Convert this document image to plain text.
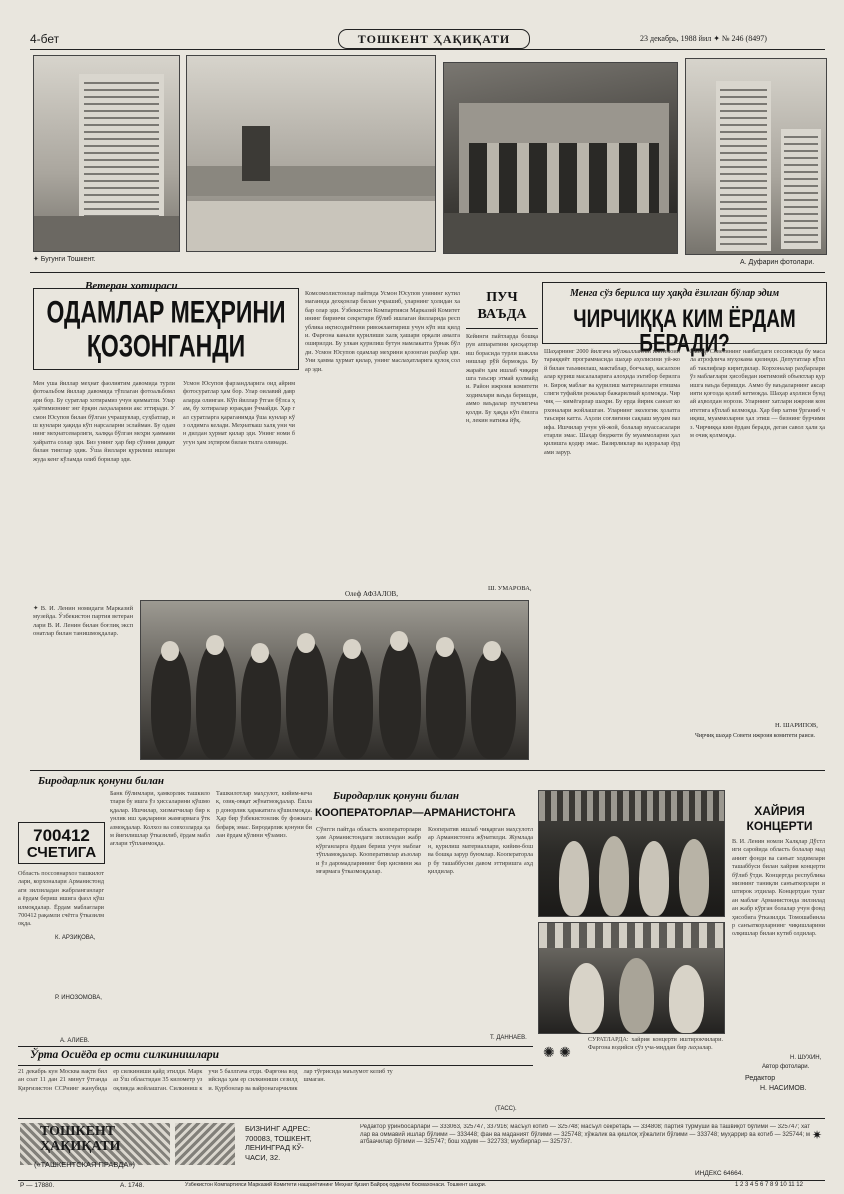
4-бет	ТОШКЕНТ ҲАҚИҚАТИ	23 декабрь, 1988 йил ✦ № 246 (8497)
✦ Бугунги Тошкент.	А. Дуфарин фотолари.
Ветеран хотираси
ОДАМЛАР МЕҲРИНИ
ҚОЗОНГАНДИ
Мен уша йиллар меҳнат фаолиятим давомида турли фотоальбом йиллар давомида тўплаган фотоальбомлари бор. Бу суратлар хотирамиз учун қимматли. Улар ҳаётимизнинг энг ёрқин лаҳзаларини акс эттиради. Усмон Юсупов билан бўлган учрашувлар, суҳбатлар, иш кунлари ҳақида кўп нарсаларни эслайман. Бу одамнинг меҳнатсеварлиги, халққа бўлган меҳри ҳаммани ҳайратга солар эди. Биз унинг ҳар бир сўзини диққат билан тинглар эдик. Ўша йиллари қурилиш ишлари жуда кенг кўламда олиб борилар эди.
Усмон Юсупов фарзандларига оид айрим фотосуратлар ҳам бор. Улар оилавий давраларда олинган. Кўп йиллар ўтган бўлса ҳам, бу хотиралар юракдан ўчмайди. Ҳар гал суратларга қараганимда ўша кунлар кўз олдимга келади. Меҳнаткаш халқ уни чин дилдан ҳурмат қилар эди. Унинг номи бугун ҳам эҳтиром билан тилга олинади.
Комсомолистонлар пайтида Усмон Юсупов узининг кутилмаганида дехқонлар билан учрашиб, уларнинг ҳолидан хабар олар эди. Ўзбекистон Компартияси Марказий Комитетининг биринчи секретари бўлиб ишлаган йилларида республика иқтисодиётини ривожлантириш учун кўп иш қилди. Фарғона канали қурилиши халқ ҳашари орқали амалга оширилди. Бу улкан қурилиш бутун мамлакатга ўрнак бўлди. Усмон Юсупов одамлар меҳрини қозонган раҳбар эди. Уни ҳамма ҳурмат қилар, унинг маслаҳатларига қулоқ солар эди.
Олеф АФЗАЛОВ,
✦ В. И. Ленин номидаги Марказий музейда. Ўзбекистон партия ветеранлари В. И. Ленин билан боғлиқ экспонатлар билан танишмоқдалар.
ПУЧ
ВАЪДА
Кейинги пайтларда бошқарув аппаратини қисқартириш борасида турли шаклланишлар рўй бермоқда. Бу жараён ҳам ишлаб чиқаришга таъсир этмай қолмайди. Район ижроия комитети ходимлари ваъда беришди, аммо ваъдалар пучлигича қолди. Бу ҳақда кўп ёзилган, лекин натижа йўқ.
Ш. УМАРОВА,
Менга сўз берилса шу ҳақда ёзилган бўлар эдим
ЧИРЧИҚҚА КИМ ЁРДАМ БЕРАДИ?
Шаҳарнинг 2000 йилгача мўлжалланган ижтимоий тараққиёт программасида шаҳар аҳолисини уй-жой билан таъминлаш, мактаблар, боғчалар, касалхоналар қуриш масалаларига алоҳида эътибор берилган. Бироқ маблағ ва қурилиш материаллари етишмаслиги туфайли режалар бажарилмай қолмоқда. Чирчиқ — кимёгарлар шаҳри. Бу ерда йирик саноат корхоналари жойлашган. Уларнинг экологик ҳолатга таъсири катта. Аҳоли соғлиғини сақлаш муҳим вазифа. Ишчилар учун уй-жой, болалар муассасалари етарли эмас. Шаҳар бюджети бу муаммоларни ҳал қилишга қодир эмас. Вазирликлар ва идоралар ёрдами зарур.
Шаҳар Советининг навбатдаги сессиясида бу масала атрофлича муҳокама қилинди. Депутатлар кўплаб таклифлар киритдилар. Корхоналар раҳбарлари ўз маблағлари ҳисобидан ижтимоий объектлар қуришга ваъда беришди. Аммо бу ваъдаларнинг аксарияти қоғозда қолиб кетмоқда. Шаҳар аҳолиси бундай аҳволдан норози. Уларнинг хатлари ижроия комитетига кўплаб келмоқда. Ҳар бир хатни ўрганиб чиқиш, муаммоларни ҳал этиш — бизнинг бурчимиз. Чирчиққа ким ёрдам беради, деган савол ҳали ҳам очиқ қолмоқда.
Н. ШАРИПОВ,
Чирчиқ шаҳар Совети ижроия комитети раиси.
Биродарлик қонуни билан
700412
СЧЕТИГА
Область поссовнархоз ташкилотлари, корхоналари Арманистондаги зилзиладан жабрланганларга ёрдам бериш ишига фаол қўшилмоқдалар. Ёрдам маблағлари 700412 рақамли счётга ўтказилмоқда.
К. АРЗИҚОВА,
Р. ИНОЗОМОВА,
А. АЛИЕВ.
Банк бўлимлари, ҳамкорлик ташкилотлари бу ишга ўз ҳиссаларини қўшмоқдалар. Ишчилар, хизматчилар бир кунлик иш ҳақларини жамғармага ўтказмоқдалар. Колхоз ва совхозларда ҳам йиғилишлар ўтказилиб, ёрдам маблағлари тўпланмоқда.
Ташкилотлар маҳсулот, кийим-кечак, озиқ-овқат жўнатмоқдалар. Ёшлар донорлик ҳаракатига қўшилмоқда. Ҳар бир ўзбекистонлик бу фожиага бефарқ эмас. Биродарлик қонуни билан ёрдам қўлини чўзамиз.
Биродарлик қонуни билан
КООПЕРАТОРЛАР—АРМАНИСТОНГА
Сўнгги пайтда область кооператорлари ҳам Арманистондаги зилзиладан жабр кўрганларга ёрдам бериш учун маблағ тўпламоқдалар. Кооперативлар аъзолари ўз даромадларининг бир қисмини жамғармага ўтказмоқдалар.
Кооператив ишлаб чиқарган маҳсулотлар Арманистонга жўнатилди. Жумладан, қурилиш материаллари, кийим-бош ва бошқа зарур буюмлар. Кооператорлар бу ташаббусни давом эттиришга аҳд қилдилар.
Т. ДАННАЕВ.
Ўрта Осиёда ер ости силкинишлари
21 декабрь кун Москва вақти билан соат 11 дан 21 минут ўтганда Қирғизистон ССРнинг жанубида ер силкиниши қайд этилди. Марказ Ўш областидан 35 километр узоқликда жойлашган. Силкиниш кучи 5 баллгача етди. Фарғона водийсида ҳам ер силкиниши сезилди. Қурбонлар ва вайронагарчиликлар тўғрисида маълумот келиб тушмаган.
(ТАСС).
ХАЙРИЯ
КОНЦЕРТИ
В. И. Ленин номли Халқлар Дўстлиги саройида область болалар маданият фонди ва санъат ходимлари ташаббуси билан хайрия концерти бўлиб ўтди. Концертда республикамизнинг таниқли санъаткорлари иштирок этдилар. Концертдан тушган маблағ Арманистонда зилзиладан жабр кўрган болалар учун фонд ҳисобига ўтказилди. Томошабинлар санъаткорларнинг чиқишларини олқишлар билан кутиб олдилар.
Н. ШУХИН,
Автор фотолари.
СУРАТЛАРДА: хайрия концерти иштирокчилари. Фаргона водийси сўз уча-миддан бир лаҳзалар.
✺ ✺
Редактор
Н. НАСИМОВ.
ТОШКЕНТ
ҲАҚИҚАТИ
(«ТАШКЕНТСКАЯ ПРАВДА»)
БИЗНИНГ АДРЕС:
700083, ТОШКЕНТ,
ЛЕНИНГРАД КЎ-
ЧАСИ, 32.
Редактор ўринбосарлари — 333063, 325747, 337916; масъул котиб — 325748; масъул секретарь — 334808; партия турмуши ва ташвиқот бўлими — 325747; хатлар ва оммавий ишлар бўлими — 333448; фан ва маданият бўлими — 325748; хўжалик ва қишлоқ хўжалиги бўлими — 333748; муҳаррир ва котиб — 325744; матбаачилар бўлими — 325747; бош ходим — 322733; мухбирлар — 325737.	✷
ИНДЕКС 64664.
P — 17880.	А. 1748.	Ўзбекистон Компартияси Марказий Комитети нашриётининг Меҳнат Қизил Байроқ орденли босмахонаси. Тошкент шаҳри.	1 2 3 4 5 6 7 8 9 10 11 12
